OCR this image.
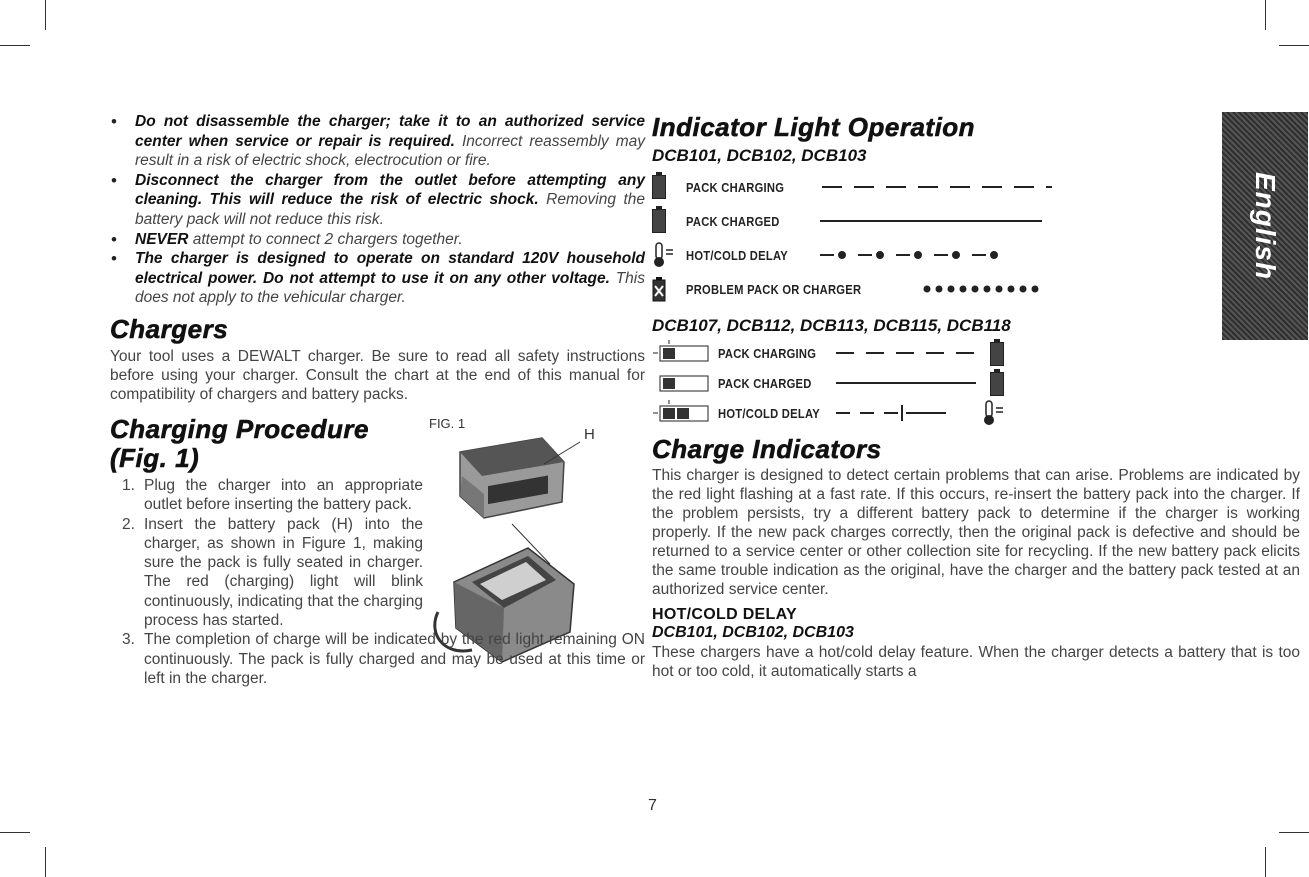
• Do not disassemble the charger; take it to an authorized service center when service or repair is required. Incorrect reassembly may result in a risk of electric shock, electrocution or fire.
• Disconnect the charger from the outlet before attempting any cleaning. This will reduce the risk of electric shock. Removing the battery pack will not reduce this risk.
• NEVER attempt to connect 2 chargers together.
• The charger is designed to operate on standard 120V household electrical power. Do not attempt to use it on any other voltage. This does not apply to the vehicular charger.
Chargers

Your tool uses a DEWALT charger. Be sure to read all safety instructions before using your charger. Consult the chart at the end of this manual for compatibility of chargers and battery packs.

Charging Procedure
(Fig. 1)
FIG. 1
H
1. Plug the charger into an appropriate outlet before inserting the battery pack.
2. Insert the battery pack (H) into the charger, as shown in Figure 1, making sure the pack is fully seated in charger. The red (charging) light will blink continuously, indicating that the charging process has started.
3. The completion of charge will be indicated by the red light remaining ON continuously. The pack is fully charged and may be used at this time or left in the charger.
Indicator Light Operation

DCB101, DCB102, DCB103

PACK CHARGING
PACK CHARGED
HOT/COLD DELAY
PROBLEM PACK OR CHARGER

DCB107, DCB112, DCB113, DCB115, DCB118

PACK CHARGING
PACK CHARGED
HOT/COLD DELAY
Charge Indicators

This charger is designed to detect certain problems that can arise. Problems are indicated by the red light flashing at a fast rate. If this occurs, re-insert the battery pack into the charger. If the problem persists, try a different battery pack to determine if the charger is working properly. If the new pack charges correctly, then the original pack is defective and should be returned to a service center or other collection site for recycling. If the new battery pack elicits the same trouble indication as the original, have the charger and the battery pack tested at an authorized service center.

HOT/COLD DELAY

DCB101, DCB102, DCB103

These chargers have a hot/cold delay feature. When the charger detects a battery that is too hot or too cold, it automatically starts a

English
7
